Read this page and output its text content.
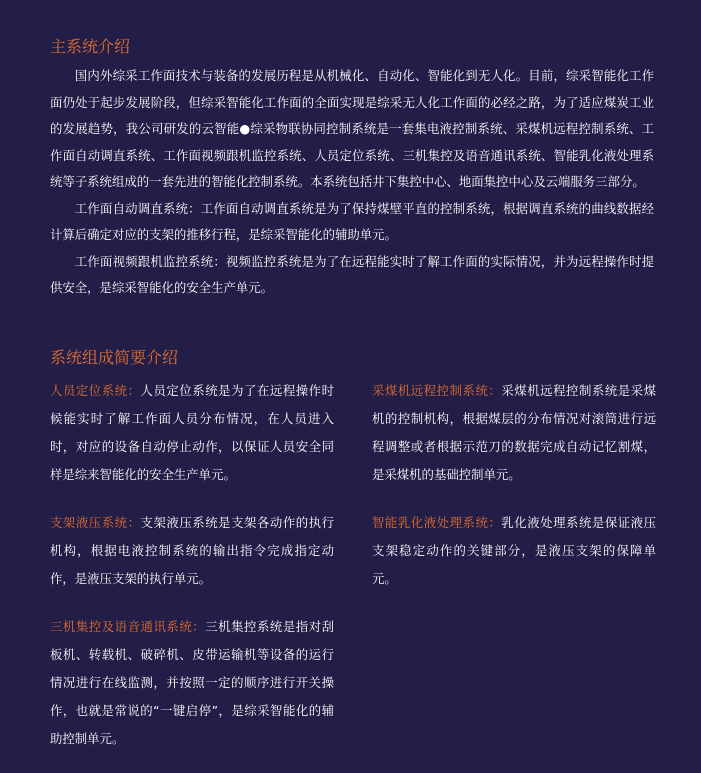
主系统介绍

国内外综采工作面技术与装备的发展历程是从机械化、自动化、智能化到无人化。目前，综采智能化工作面仍处于起步发展阶段，但综采智能化工作面的全面实现是综采无人化工作面的必经之路，为了适应煤炭工业的发展趋势，我公司研发的云智能●综采物联协同控制系统是一套集电液控制系统、采煤机远程控制系统、工作面自动调直系统、工作面视频跟机监控系统、人员定位系统、三机集控及语音通讯系统、智能乳化液处理系统等子系统组成的一套先进的智能化控制系统。本系统包括井下集控中心、地面集控中心及云端服务三部分。

工作面自动调直系统：工作面自动调直系统是为了保持煤壁平直的控制系统，根据调直系统的曲线数据经计算后确定对应的支架的推移行程，是综采智能化的辅助单元。

工作面视频跟机监控系统：视频监控系统是为了在远程能实时了解工作面的实际情况，并为远程操作时提供安全，是综采智能化的安全生产单元。

系统组成简要介绍

人员定位系统：人员定位系统是为了在远程操作时候能实时了解工作面人员分布情况，在人员进入时，对应的设备自动停止动作，以保证人员安全同样是综来智能化的安全生产单元。

支架液压系统：支架液压系统是支架各动作的执行机构，根据电液控制系统的输出指令完成指定动作，是液压支架的执行单元。

三机集控及语音通讯系统：三机集控系统是指对刮板机、转载机、破碎机、皮带运输机等设备的运行情况进行在线监测，并按照一定的顺序进行开关操作，也就是常说的“一键启停”，是综采智能化的辅助控制单元。

采煤机远程控制系统：采煤机远程控制系统是采煤机的控制机构，根据煤层的分布情况对滚筒进行远程调整或者根据示范刀的数据完成自动记忆割煤，是采煤机的基础控制单元。

智能乳化液处理系统：乳化液处理系统是保证液压支架稳定动作的关键部分，是液压支架的保障单元。
